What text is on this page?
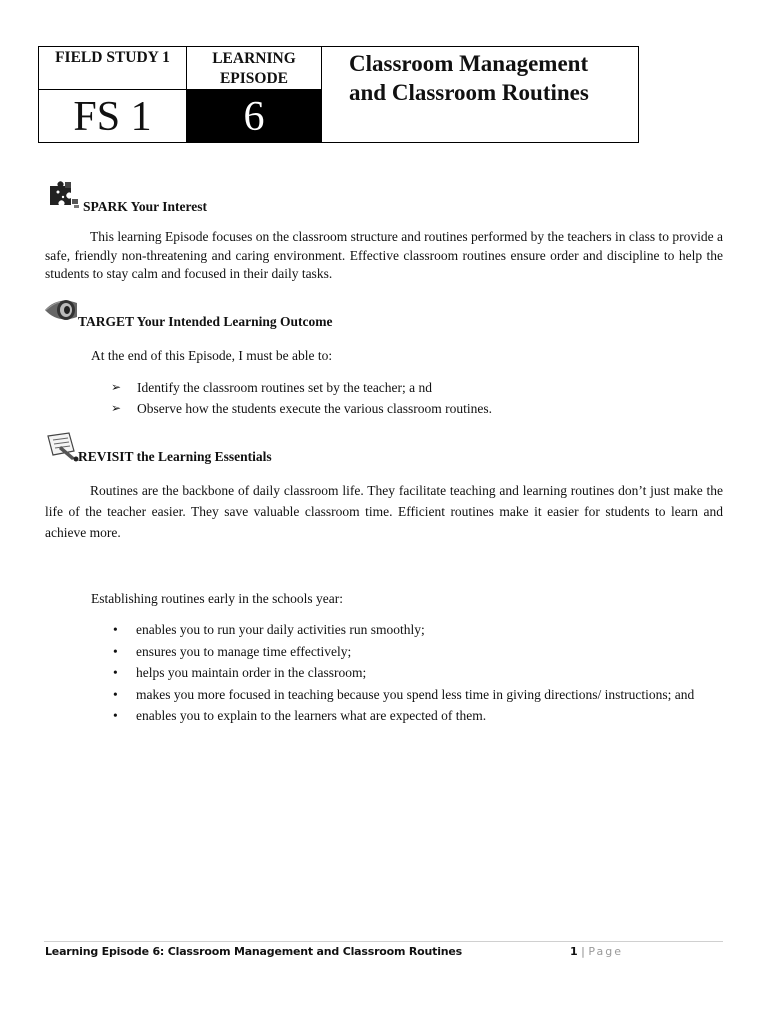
FIELD STUDY 1	LEARNING EPISODE
FS 1	6
Classroom Management
and Classroom Routines
SPARK Your Interest
This learning Episode focuses on the classroom structure and routines performed by the teachers in class to provide a safe, friendly non-threatening and caring environment. Effective classroom routines ensure order and discipline to help the students to stay calm and focused in their daily tasks.
TARGET Your Intended Learning Outcome
At the end of this Episode, I must be able to:
➢ Identify the classroom routines set by the teacher; a nd
➢ Observe how the students execute the various classroom routines.
REVISIT the Learning Essentials
Routines are the backbone of daily classroom life. They facilitate teaching and learning routines don’t just make the life of the teacher easier. They save valuable classroom time. Efficient routines make it easier for students to learn and achieve more.
Establishing routines early in the schools year:
• enables you to run your daily activities run smoothly;
• ensures you to manage time effectively;
• helps you maintain order in the classroom;
• makes you more focused in teaching because you spend less time in giving directions/ instructions; and
• enables you to explain to the learners what are expected of them.
Learning Episode 6: Classroom Management and Classroom Routines	1 | Page
